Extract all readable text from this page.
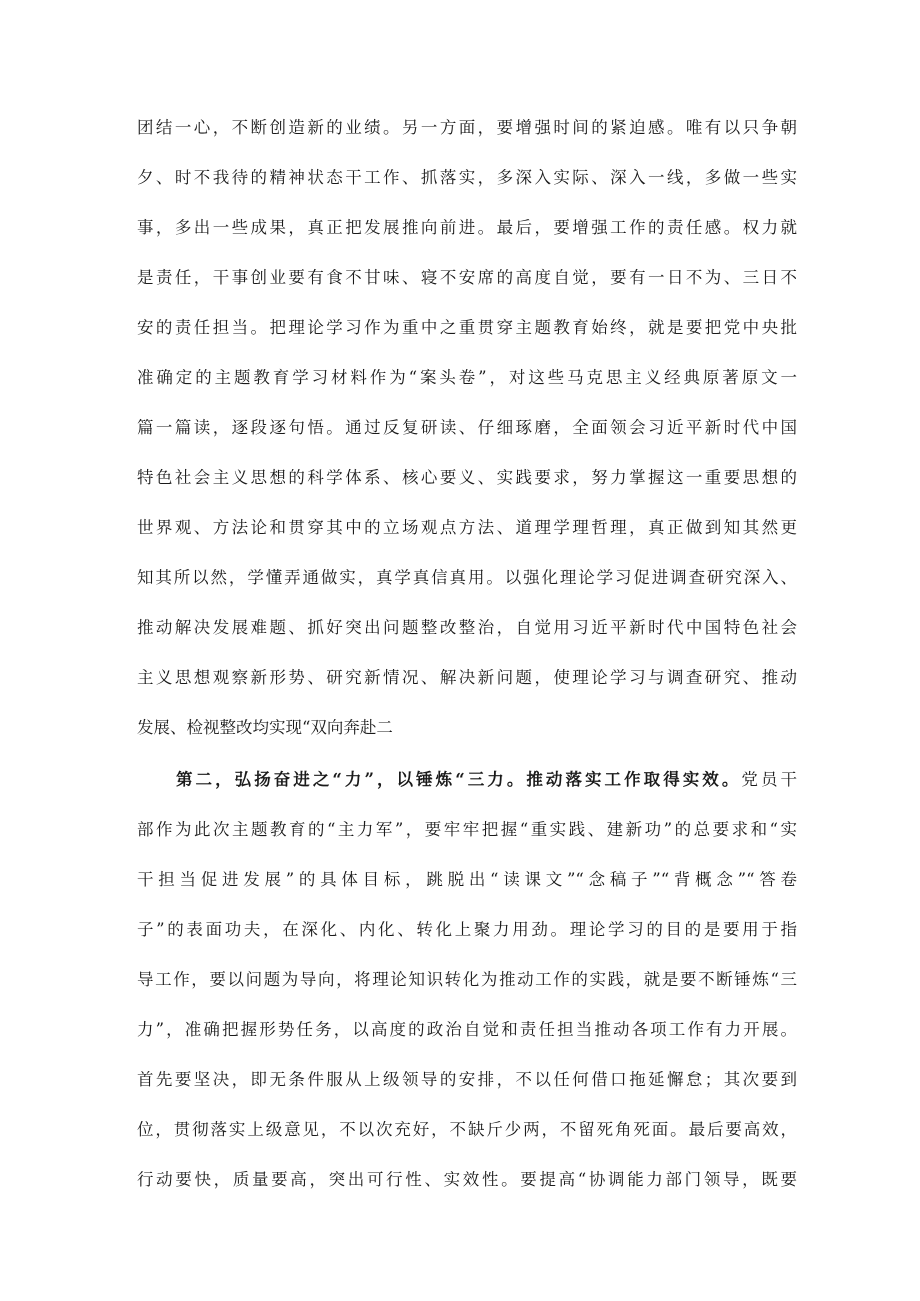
团结一心，不断创造新的业绩。另一方面，要增强时间的紧迫感。唯有以只争朝
夕、时不我待的精神状态干工作、抓落实，多深入实际、深入一线，多做一些实
事，多出一些成果，真正把发展推向前进。最后，要增强工作的责任感。权力就
是责任，干事创业要有食不甘味、寝不安席的高度自觉，要有一日不为、三日不
安的责任担当。把理论学习作为重中之重贯穿主题教育始终，就是要把党中央批
准确定的主题教育学习材料作为“案头卷”，对这些马克思主义经典原著原文一
篇一篇读，逐段逐句悟。通过反复研读、仔细琢磨，全面领会习近平新时代中国
特色社会主义思想的科学体系、核心要义、实践要求，努力掌握这一重要思想的
世界观、方法论和贯穿其中的立场观点方法、道理学理哲理，真正做到知其然更
知其所以然，学懂弄通做实，真学真信真用。以强化理论学习促进调查研究深入、
推动解决发展难题、抓好突出问题整改整治，自觉用习近平新时代中国特色社会
主义思想观察新形势、研究新情况、解决新问题，使理论学习与调查研究、推动
发展、检视整改均实现“双向奔赴二
第二，弘扬奋进之“力”，以锤炼“三力。推动落实工作取得实效。党员干
部作为此次主题教育的“主力军”，要牢牢把握“重实践、建新功”的总要求和“实
干担当促进发展”的具体目标，跳脱出“读课文”“念稿子”“背概念”“答卷
子”的表面功夫，在深化、内化、转化上聚力用劲。理论学习的目的是要用于指
导工作，要以问题为导向，将理论知识转化为推动工作的实践，就是要不断锤炼“三
力”，准确把握形势任务，以高度的政治自觉和责任担当推动各项工作有力开展。
首先要坚决，即无条件服从上级领导的安排，不以任何借口拖延懈怠；其次要到
位，贯彻落实上级意见，不以次充好，不缺斤少两，不留死角死面。最后要高效，
行动要快，质量要高，突出可行性、实效性。要提高“协调能力部门领导，既要
